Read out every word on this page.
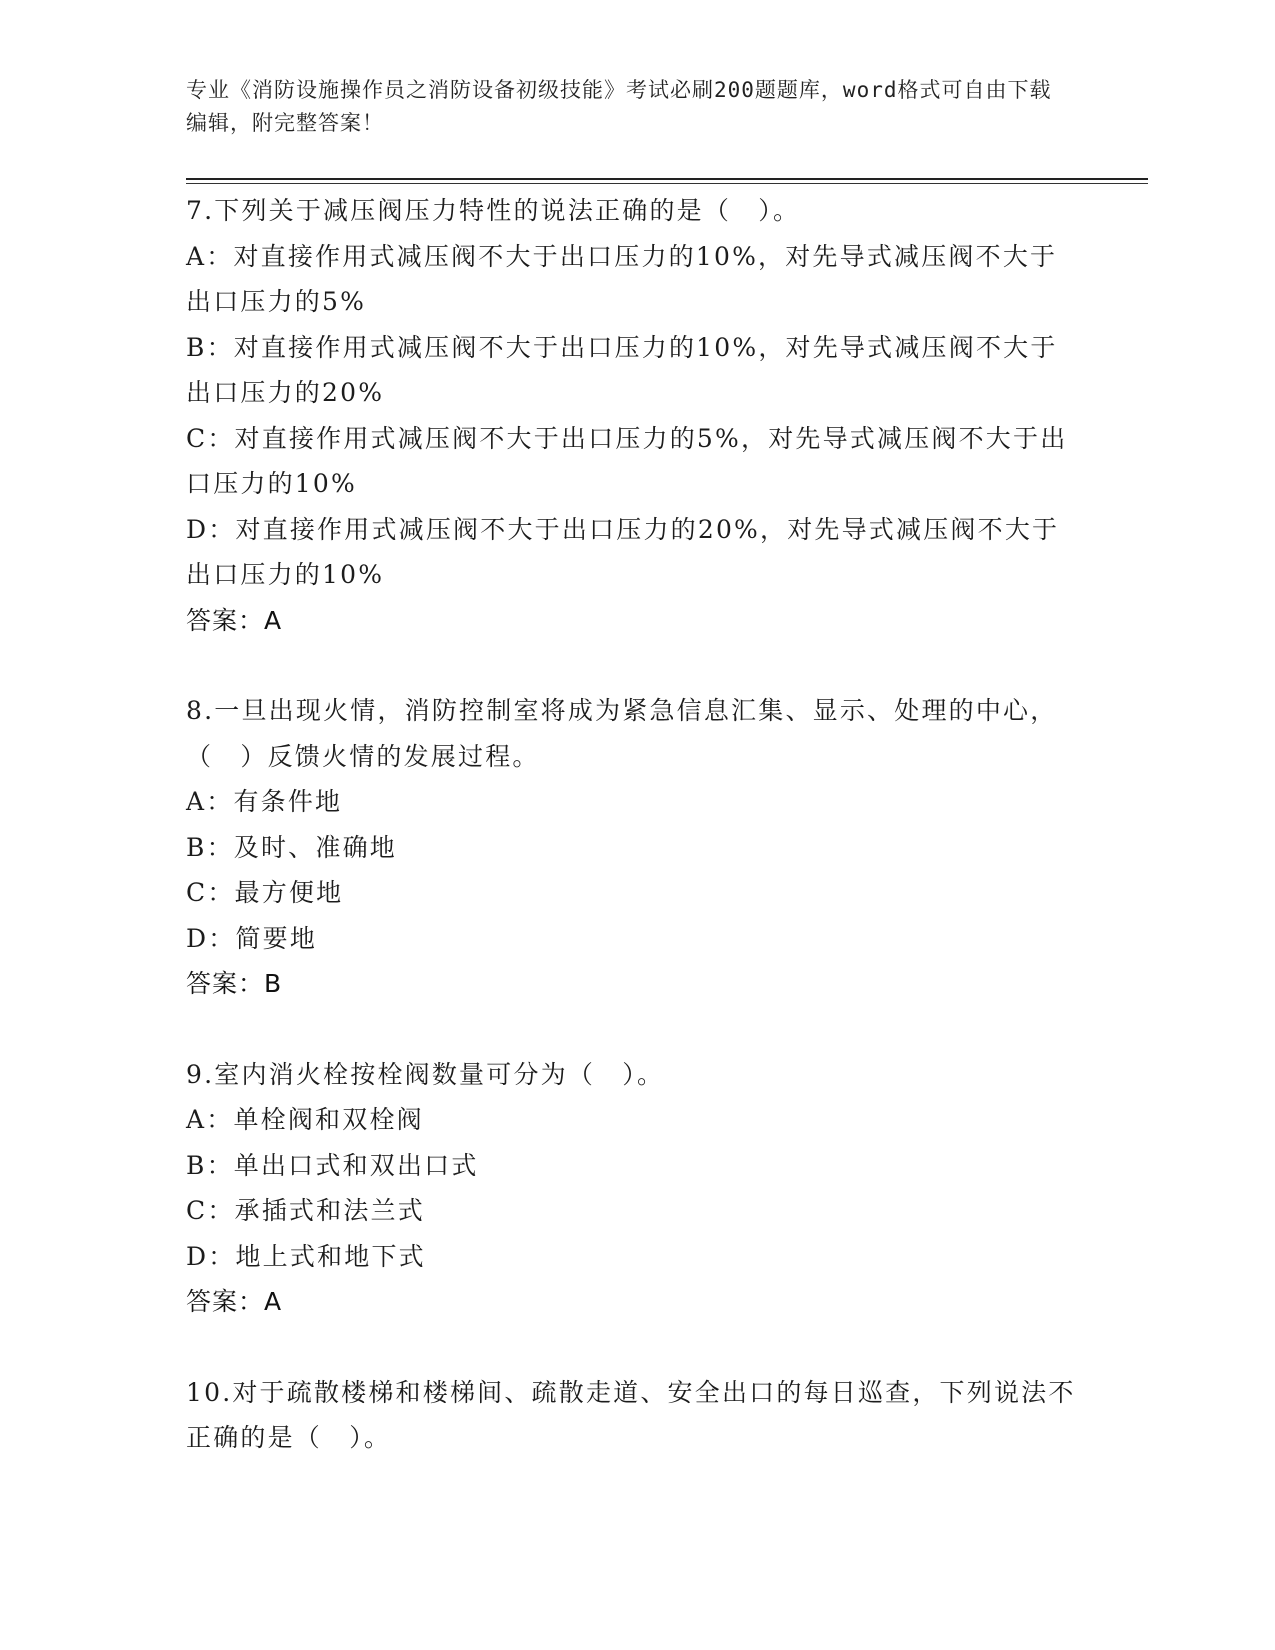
专业《消防设施操作员之消防设备初级技能》考试必刷200题题库，word格式可自由下载编辑，附完整答案！
7.下列关于减压阀压力特性的说法正确的是（　）。
A：对直接作用式减压阀不大于出口压力的10%，对先导式减压阀不大于出口压力的5%
B：对直接作用式减压阀不大于出口压力的10%，对先导式减压阀不大于出口压力的20%
C：对直接作用式减压阀不大于出口压力的5%，对先导式减压阀不大于出口压力的10%
D：对直接作用式减压阀不大于出口压力的20%，对先导式减压阀不大于出口压力的10%
答案：A
8.一旦出现火情，消防控制室将成为紧急信息汇集、显示、处理的中心，（　）反馈火情的发展过程。
A：有条件地
B：及时、准确地
C：最方便地
D：简要地
答案：B
9.室内消火栓按栓阀数量可分为（　）。
A：单栓阀和双栓阀
B：单出口式和双出口式
C：承插式和法兰式
D：地上式和地下式
答案：A
10.对于疏散楼梯和楼梯间、疏散走道、安全出口的每日巡查，下列说法不正确的是（　）。
